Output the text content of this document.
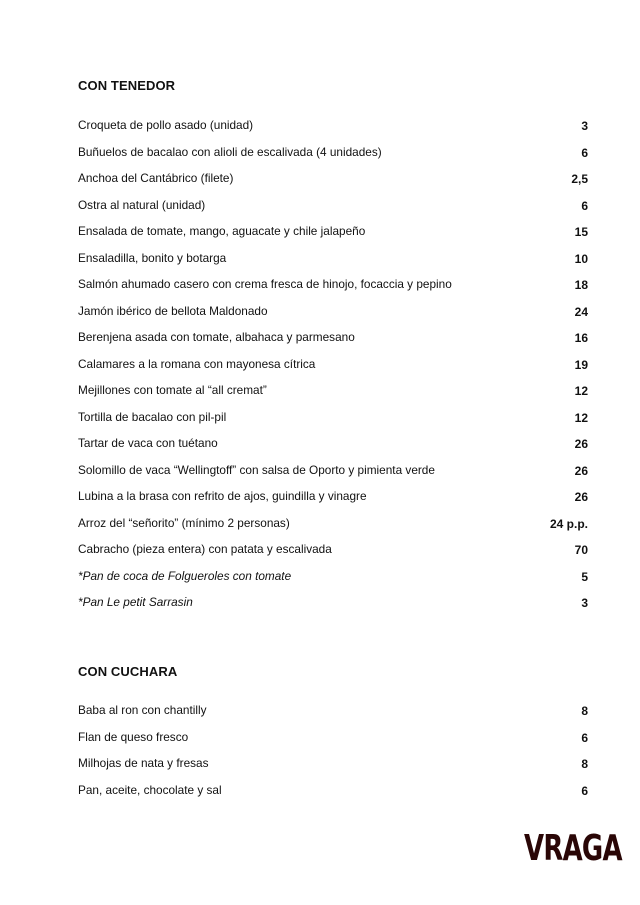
CON TENEDOR
Croqueta de pollo asado (unidad)	3
Buñuelos de bacalao con alioli de escalivada (4 unidades)	6
Anchoa del Cantábrico (filete)	2,5
Ostra al natural (unidad)	6
Ensalada de tomate, mango, aguacate y chile jalapeño	15
Ensaladilla, bonito y botarga	10
Salmón ahumado casero con crema fresca de hinojo, focaccia y pepino	18
Jamón ibérico de bellota Maldonado	24
Berenjena asada con tomate, albahaca y parmesano	16
Calamares a la romana con mayonesa cítrica	19
Mejillones con tomate al “all cremat”	12
Tortilla de bacalao con pil-pil	12
Tartar de vaca con tuétano	26
Solomillo de vaca “Wellingtoff” con salsa de Oporto y pimienta verde	26
Lubina a la brasa con refrito de ajos, guindilla y vinagre	26
Arroz del “señorito” (mínimo 2 personas)	24 p.p.
Cabracho (pieza entera) con patata y escalivada	70
*Pan de coca de Folgueroles con tomate	5
*Pan Le petit Sarrasin	3
CON CUCHARA
Baba al ron con chantilly	8
Flan de queso fresco	6
Milhojas de nata y fresas	8
Pan, aceite, chocolate y sal	6
VRAGA
